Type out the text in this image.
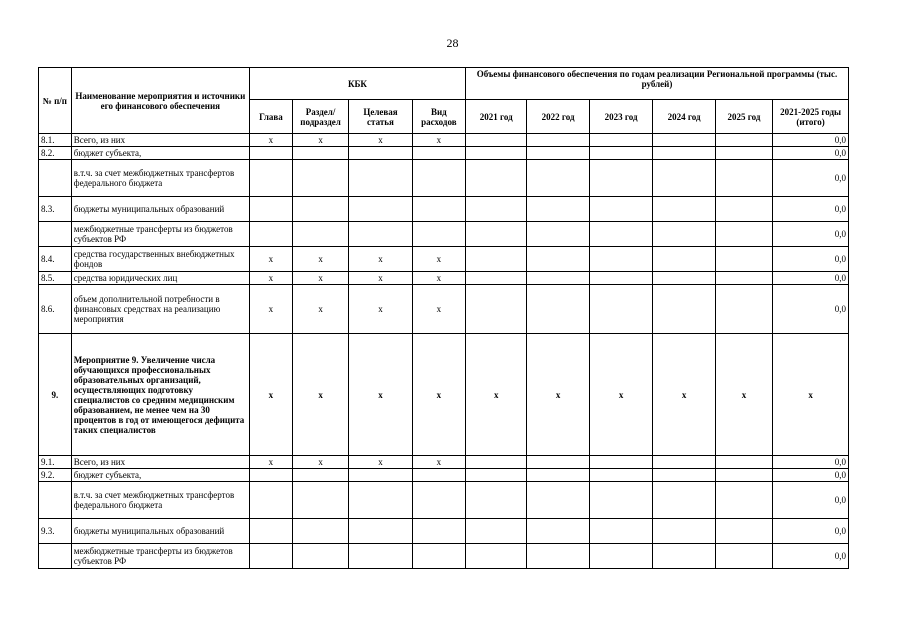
28
№ п/п	Наименование мероприятия и источники его финансового обеспечения	КБК				Объемы финансового обеспечения по годам реализации Региональной программы (тыс. рублей)					
		Глава	Раздел/ подраздел	Целевая статья	Вид расходов	2021 год	2022 год	2023 год	2024 год	2025 год	2021-2025 годы (итого)
8.1.	Всего, из них	x	x	x	x						0,0
8.2.	бюджет субъекта,										0,0
	в.т.ч. за счет межбюджетных трансфертов федерального бюджета										0,0
8.3.	бюджеты муниципальных образований										0,0
	межбюджетные трансферты из бюджетов субъектов РФ										0,0
8.4.	средства государственных внебюджетных фондов	x	x	x	x						0,0
8.5.	средства юридических лиц	x	x	x	x						0,0
8.6.	объем дополнительной потребности в финансовых средствах на реализацию мероприятия	x	x	x	x						0,0
9.	Мероприятие 9. Увеличение числа обучающихся профессиональных образовательных организаций, осуществляющих подготовку специалистов со средним медицинским образованием, не менее чем на 30 процентов в год от имеющегося дефицита таких специалистов	x	x	x	x	x	x	x	x	x	x
9.1.	Всего, из них	x	x	x	x						0,0
9.2.	бюджет субъекта,										0,0
	в.т.ч. за счет межбюджетных трансфертов федерального бюджета										0,0
9.3.	бюджеты муниципальных образований										0,0
	межбюджетные трансферты из бюджетов субъектов РФ										0,0
